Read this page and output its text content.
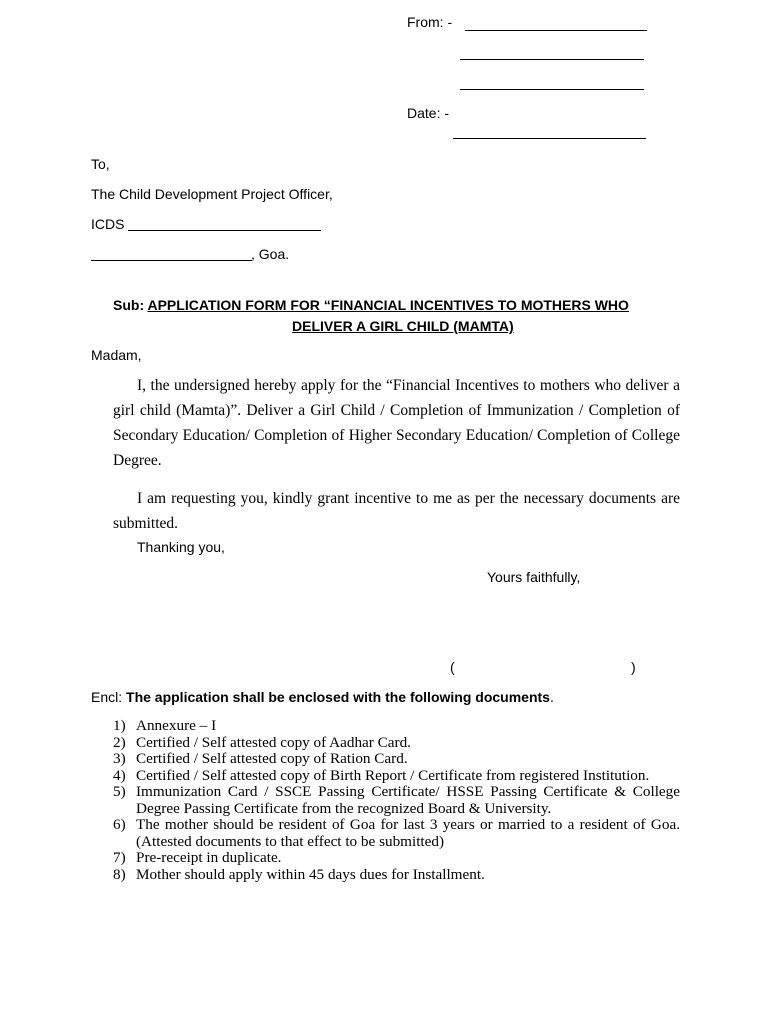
From: -
Date: -
To,
The Child Development Project Officer,
ICDS
, Goa.
Sub: APPLICATION FORM FOR “FINANCIAL INCENTIVES TO MOTHERS WHO
DELIVER A GIRL CHILD (MAMTA)
Madam,
I, the undersigned hereby apply for the “Financial Incentives to mothers who deliver a girl child (Mamta)”. Deliver a Girl Child / Completion of Immunization / Completion of Secondary Education/ Completion of Higher Secondary Education/ Completion of College Degree.
I am requesting you, kindly grant incentive to me as per the necessary documents are submitted.
Thanking you,
Yours faithfully,
(	)
Encl: The application shall be enclosed with the following documents.
1) Annexure – I
2) Certified / Self attested copy of Aadhar Card.
3) Certified / Self attested copy of Ration Card.
4) Certified / Self attested copy of Birth Report / Certificate from registered Institution.
5) Immunization Card / SSCE Passing Certificate/ HSSE Passing Certificate & College Degree Passing Certificate from the recognized Board & University.
6) The mother should be resident of Goa for last 3 years or married to a resident of Goa. (Attested documents to that effect to be submitted)
7) Pre-receipt in duplicate.
8) Mother should apply within 45 days dues for Installment.
